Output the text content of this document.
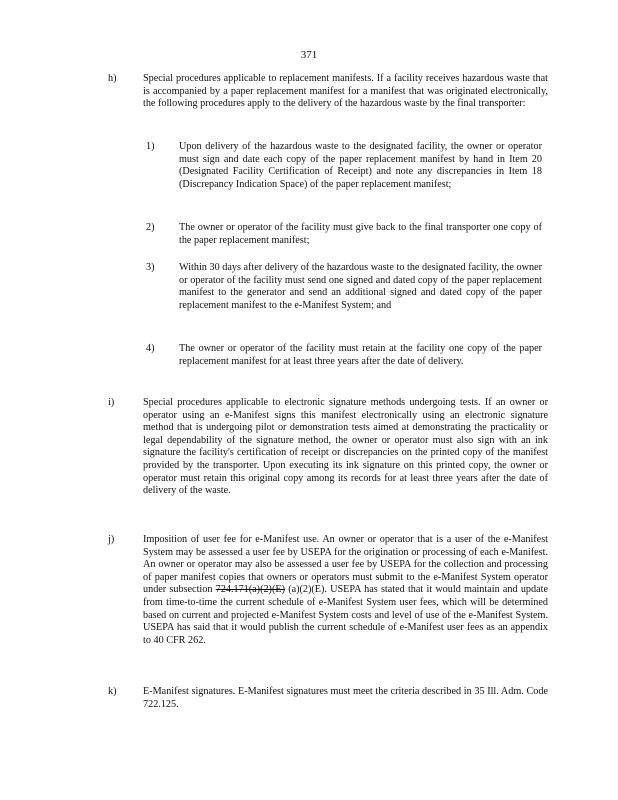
371
h)	Special procedures applicable to replacement manifests. If a facility receives hazardous waste that is accompanied by a paper replacement manifest for a manifest that was originated electronically, the following procedures apply to the delivery of the hazardous waste by the final transporter:
1) Upon delivery of the hazardous waste to the designated facility, the owner or operator must sign and date each copy of the paper replacement manifest by hand in Item 20 (Designated Facility Certification of Receipt) and note any discrepancies in Item 18 (Discrepancy Indication Space) of the paper replacement manifest;
2) The owner or operator of the facility must give back to the final transporter one copy of the paper replacement manifest;
3) Within 30 days after delivery of the hazardous waste to the designated facility, the owner or operator of the facility must send one signed and dated copy of the paper replacement manifest to the generator and send an additional signed and dated copy of the paper replacement manifest to the e-Manifest System; and
4) The owner or operator of the facility must retain at the facility one copy of the paper replacement manifest for at least three years after the date of delivery.
i)	Special procedures applicable to electronic signature methods undergoing tests. If an owner or operator using an e-Manifest signs this manifest electronically using an electronic signature method that is undergoing pilot or demonstration tests aimed at demonstrating the practicality or legal dependability of the signature method, the owner or operator must also sign with an ink signature the facility's certification of receipt or discrepancies on the printed copy of the manifest provided by the transporter. Upon executing its ink signature on this printed copy, the owner or operator must retain this original copy among its records for at least three years after the date of delivery of the waste.
j)	Imposition of user fee for e-Manifest use. An owner or operator that is a user of the e-Manifest System may be assessed a user fee by USEPA for the origination or processing of each e-Manifest. An owner or operator may also be assessed a user fee by USEPA for the collection and processing of paper manifest copies that owners or operators must submit to the e-Manifest System operator under subsection 724.171(a)(2)(E) (a)(2)(E). USEPA has stated that it would maintain and update from time-to-time the current schedule of e-Manifest System user fees, which will be determined based on current and projected e-Manifest System costs and level of use of the e-Manifest System. USEPA has said that it would publish the current schedule of e-Manifest user fees as an appendix to 40 CFR 262.
k)	E-Manifest signatures. E-Manifest signatures must meet the criteria described in 35 Ill. Adm. Code 722.125.
